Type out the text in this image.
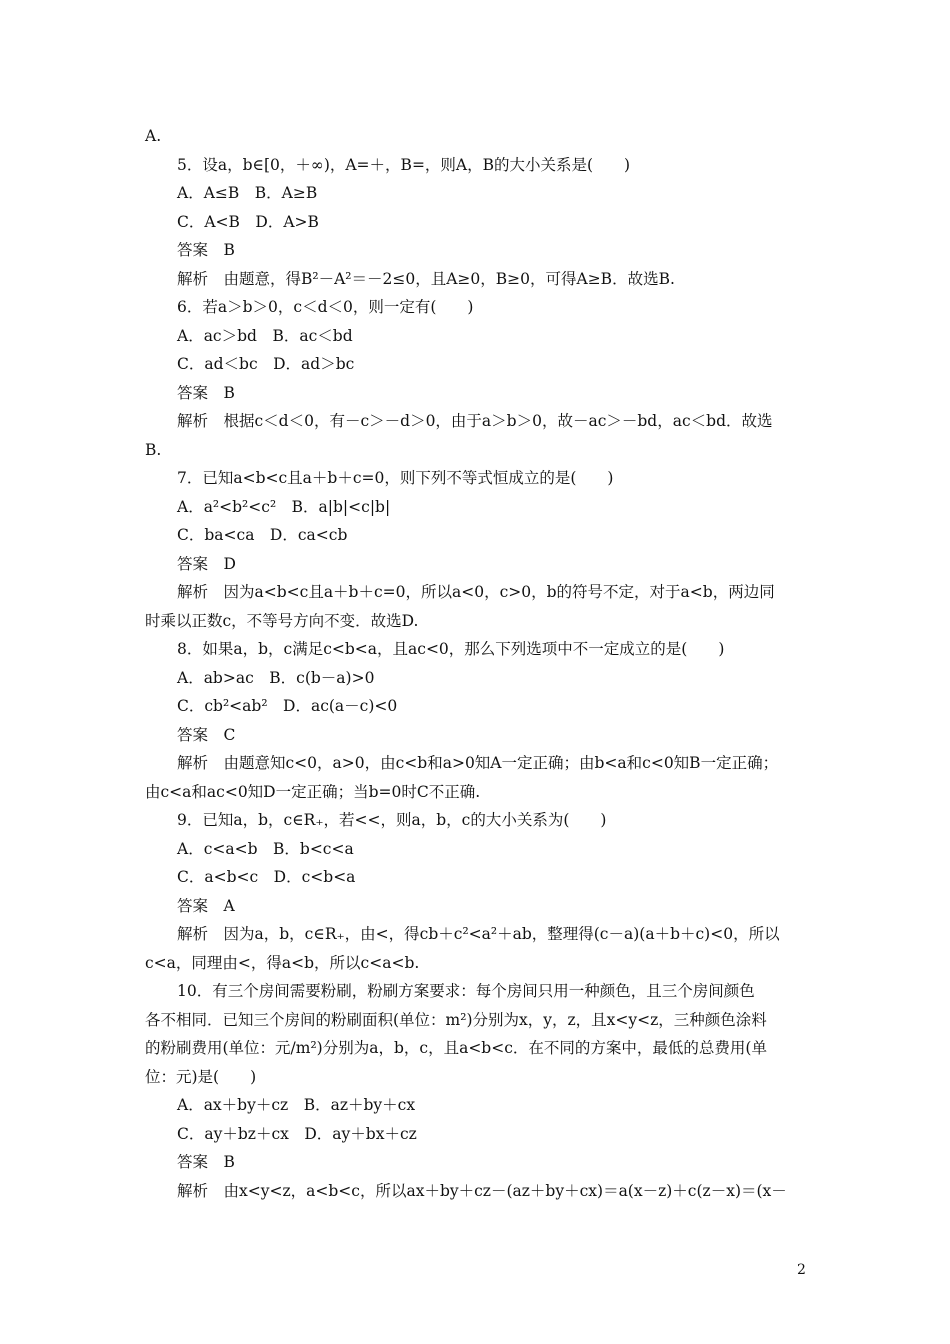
A.
5．设a，b∈[0，＋∞)，A=＋，B=，则A，B的大小关系是(　　)
A．A≤B　B．A≥B
C．A<B　D．A>B
答案　B
解析　由题意，得B²－A²＝－2≤0，且A≥0，B≥0，可得A≥B．故选B.
6．若a＞b＞0，c＜d＜0，则一定有(　　)
A．ac＞bd　B．ac＜bd
C．ad＜bc　D．ad＞bc
答案　B
解析　根据c＜d＜0，有－c＞－d＞0，由于a＞b＞0，故－ac＞－bd，ac＜bd．故选
B.
7．已知a<b<c且a＋b＋c=0，则下列不等式恒成立的是(　　)
A．a²<b²<c²　B．a|b|<c|b|
C．ba<ca　D．ca<cb
答案　D
解析　因为a<b<c且a＋b＋c=0，所以a<0，c>0，b的符号不定，对于a<b，两边同
时乘以正数c，不等号方向不变．故选D.
8．如果a，b，c满足c<b<a，且ac<0，那么下列选项中不一定成立的是(　　)
A．ab>ac　B．c(b－a)>0
C．cb²<ab²　D．ac(a－c)<0
答案　C
解析　由题意知c<0，a>0，由c<b和a>0知A一定正确；由b<a和c<0知B一定正确；
由c<a和ac<0知D一定正确；当b=0时C不正确.
9．已知a，b，c∈R₊，若<<，则a，b，c的大小关系为(　　)
A．c<a<b　B．b<c<a
C．a<b<c　D．c<b<a
答案　A
解析　因为a，b，c∈R₊，由<，得cb＋c²<a²＋ab，整理得(c－a)(a＋b＋c)<0，所以
c<a，同理由<，得a<b，所以c<a<b.
10．有三个房间需要粉刷，粉刷方案要求：每个房间只用一种颜色，且三个房间颜色
各不相同．已知三个房间的粉刷面积(单位：m²)分别为x，y，z，且x<y<z，三种颜色涂料
的粉刷费用(单位：元/m²)分别为a，b，c，且a<b<c．在不同的方案中，最低的总费用(单
位：元)是(　　)
A．ax＋by＋cz　B．az＋by＋cx
C．ay＋bz＋cx　D．ay＋bx＋cz
答案　B
解析　由x<y<z，a<b<c，所以ax＋by＋cz－(az＋by＋cx)＝a(x－z)＋c(z－x)＝(x－
2
